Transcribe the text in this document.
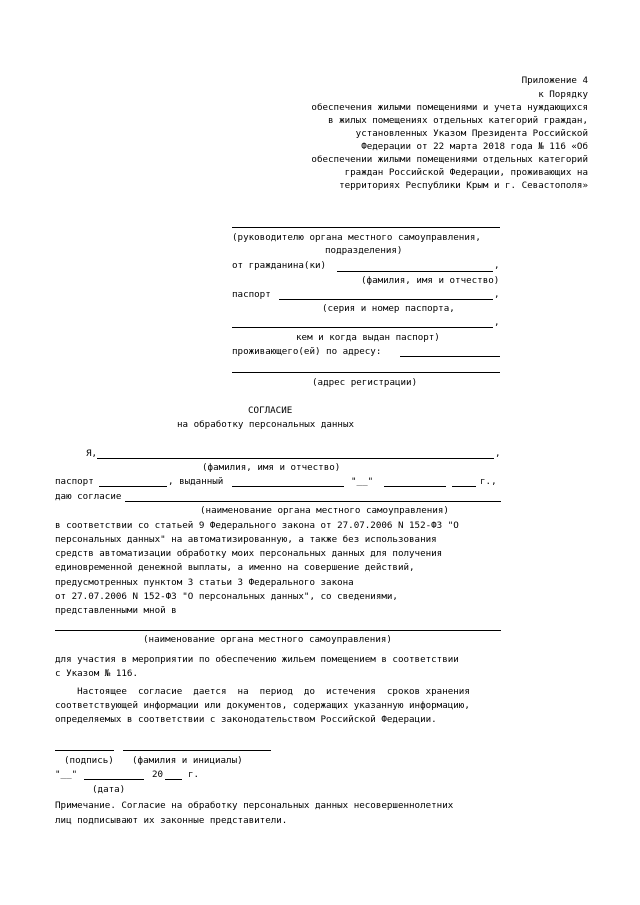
Приложение 4
к Порядку
обеспечения жилыми помещениями и учета нуждающихся
в жилых помещениях отдельных категорий граждан,
установленных Указом Президента Российской
Федерации от 22 марта 2018 года № 116 «Об
обеспечении жилыми помещениями отдельных категорий
граждан Российской Федерации, проживающих на
территориях Республики Крым и г. Севастополя»
(руководителю органа местного самоуправления,
подразделения)
от гражданина(ки)	,
(фамилия, имя и отчество)
паспорт	,
(серия и номер паспорта,
,
кем и когда выдан паспорт)
проживающего(ей) по адресу:
(адрес регистрации)
СОГЛАСИЕ
на обработку персональных данных
Я,	,
(фамилия, имя и отчество)
паспорт	, выданный	"__"	г.,
даю согласие
(наименование органа местного самоуправления)
в соответствии со статьей 9 Федерального закона от 27.07.2006 N 152-ФЗ "О
персональных данных" на автоматизированную, а также без использования
средств автоматизации обработку моих персональных данных для получения
единовременной денежной выплаты, а именно на совершение действий,
предусмотренных пунктом 3 статьи 3 Федерального закона
от 27.07.2006 N 152-ФЗ "О персональных данных", со сведениями,
представленными мной в
(наименование органа местного самоуправления)
для участия в мероприятии по обеспечению жильем помещением в соответствии
с Указом № 116.
Настоящее  согласие  дается  на  период  до  истечения  сроков хранения
соответствующей информации или документов, содержащих указанную информацию,
определяемых в соответствии с законодательством Российской Федерации.
(подпись) (фамилия и инициалы)
"__"	20	г.
(дата)
Примечание. Согласие на обработку персональных данных несовершеннолетних
лиц подписывают их законные представители.
